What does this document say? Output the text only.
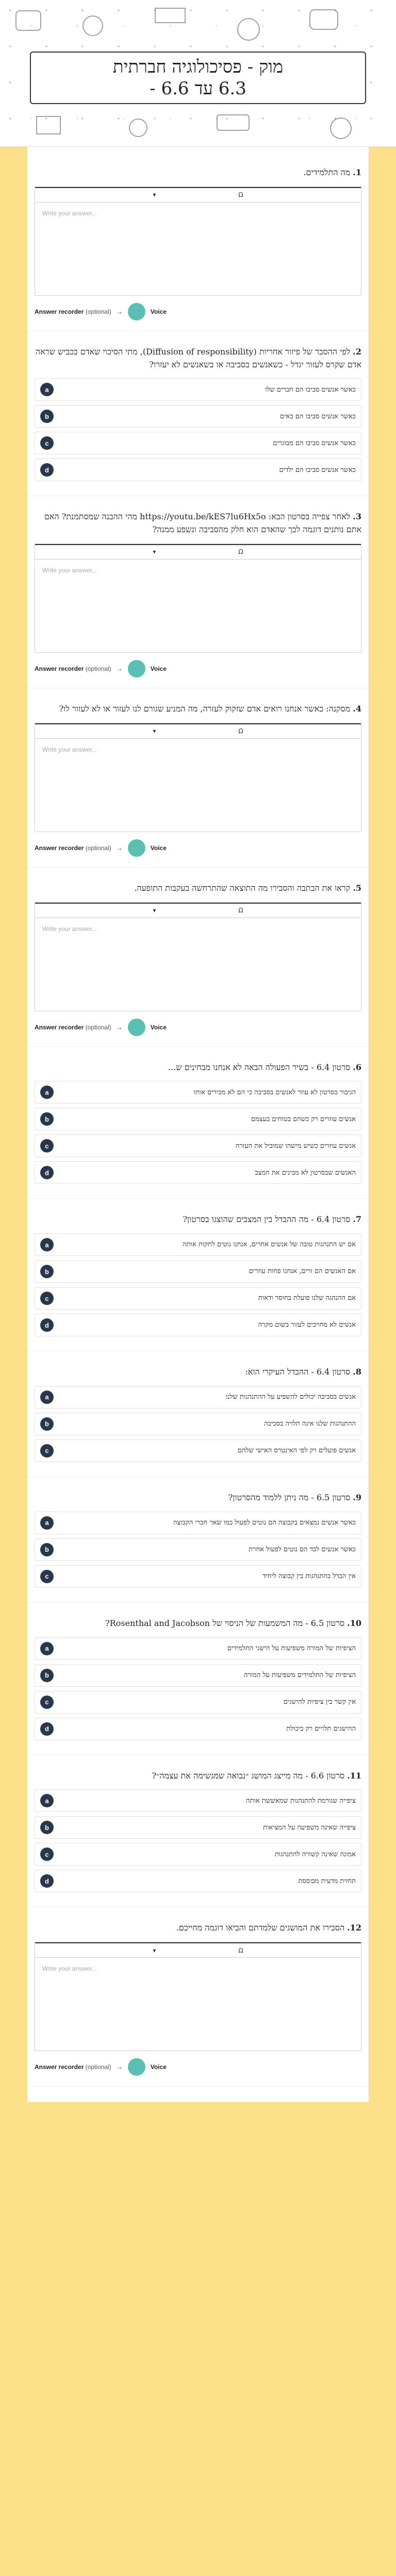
מוק - פסיכולוגיה חברתית
6.3 עד 6.6 -
1. מה התלמידים.
▾	Ω
Write your answer...
Answer recorder (optional) →	Voice
2. לפי ההסבר של פיזור אחריות (Diffusion of responsibility), מתי הסיכוי שאדם בכביש שראה אדם שקרס לעזור יגדל - כשאנשים בסביבה או כשאנשים לא יעזרו?
a	כאשר אנשים סביבו הם חברים שלו
b	כאשר אנשים סביבו הם באים
c	כאשר אנשים סביבו הם מבוגרים
d	כאשר אנשים סביבו הם ילדים
3. לאחר צפייה בסרטון הבא: https://youtu.be/kES7lu6Hx5o מהי ההבנה שמסתמנת? האם אתם נותנים דוגמה לכך שהאדם הוא חלק מהסביבה ונשפע ממנה?
▾	Ω
Write your answer...
Answer recorder (optional) →	Voice
4. מסקנה: כאשר אנחנו רואים אדם שזקוק לעזרה, מה המניע שגורם לנו לעזור או לא לעזור לו?
▾	Ω
Write your answer...
Answer recorder (optional) →	Voice
5. קראו את הכתבה והסבירו מה התוצאה שהתרחשה בעקבות התופעה.
▾	Ω
Write your answer...
Answer recorder (optional) →	Voice
6. סרטון 6.4 - בשיר הפעולה הבאה לא אנחנו מבחינים ש...
a	הגיבור בסרטון לא עוזר לאנשים בסביבה כי הם לא מכירים אותו
b	אנשים עוזרים רק כשהם בטוחים בעצמם
c	אנשים עוזרים כשיש מישהו שמוביל את העזרה
d	האנשים שבסרטון לא מבינים את המצב
7. סרטון 6.4 - מה ההבדל בין המצבים שהוצגו בסרטון?
a	אם יש התנהגות טובה של אנשים אחרים, אנחנו נוטים לחקות אותה
b	אם האנשים הם זרים, אנחנו פחות עוזרים
c	אם ההנהגה שלנו פועלת בחוסר ודאות
d	אנשים לא מחויבים לעזור בשום מקרה
8. סרטון 6.4 - ההבדל העיקרי הוא:
a	אנשים בסביבה יכולים להשפיע על ההתנהגות שלנו
b	ההתנהגות שלנו אינה תלויה בסביבה
c	אנשים פועלים רק לפי האינטרס האישי שלהם
9. סרטון 6.5 - מה ניתן ללמוד מהסרטון?
a	כאשר אנשים נמצאים בקבוצה הם נוטים לפעול כמו שאר חברי הקבוצה
b	כאשר אנשים לבד הם נוטים לפעול אחרת
c	אין הבדל בהתנהגות בין קבוצה ליחיד
10. סרטון 6.5 - מה המשמעות של הניסוי של Rosenthal and Jacobson?
a	הציפיות של המורה משפיעות על הישגי התלמידים
b	הציפיות של התלמידים משפיעות על המורה
c	אין קשר בין ציפיות להישגים
d	ההישגים תלויים רק ביכולת
11. סרטון 6.6 - מה מייצג המושג ״נבואה שמגשימה את עצמה״?
a	ציפייה שגורמת להתנהגות שמאששת אותה
b	ציפייה שאינה משפיעה על המציאות
c	אמונה שאינה קשורה להתנהגות
d	תחזית מדעית מבוססת
12. הסבירו את המושגים שלמדתם והביאו דוגמה מחייכם.
▾	Ω
Write your answer...
Answer recorder (optional) →	Voice
